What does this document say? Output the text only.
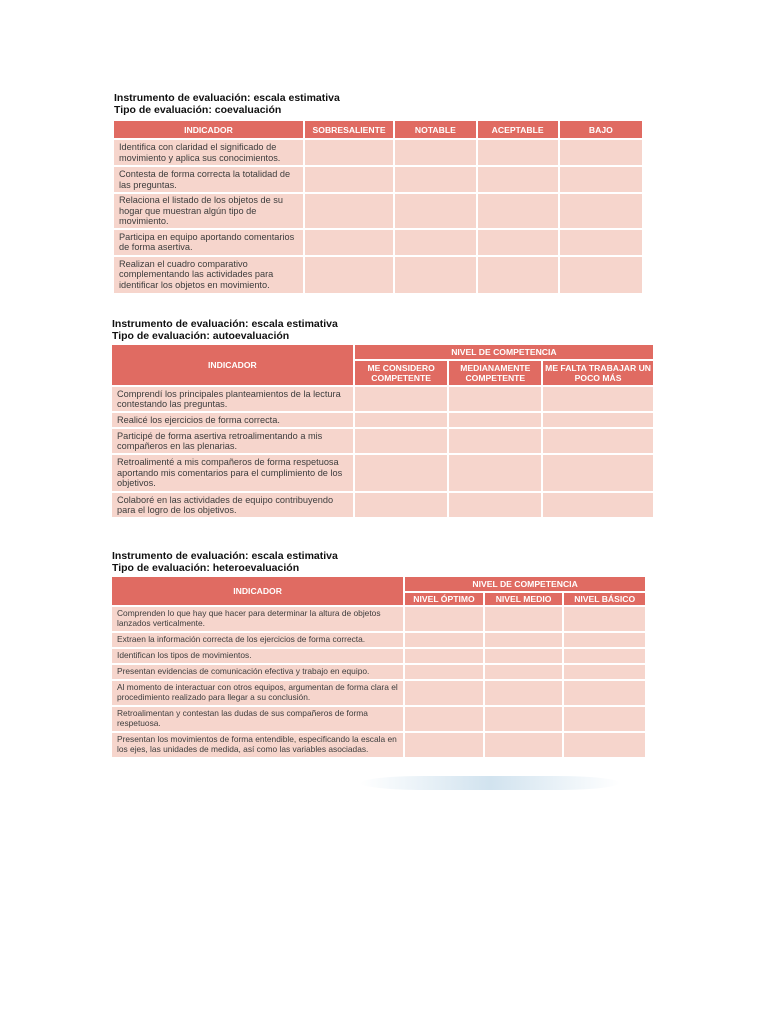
Instrumento de evaluación: escala estimativa
Tipo de evaluación: coevaluación
INDICADOR	SOBRESALIENTE	NOTABLE	ACEPTABLE	BAJO
Identifica con claridad el significado de movimiento y aplica sus conocimientos.				
Contesta de forma correcta la totalidad de las preguntas.				
Relaciona el listado de los objetos de su hogar que muestran algún tipo de movimiento.				
Participa en equipo aportando comentarios de forma asertiva.				
Realizan el cuadro comparativo complementando las actividades para identificar los objetos en movimiento.				
Instrumento de evaluación: escala estimativa
Tipo de evaluación: autoevaluación
INDICADOR	NIVEL DE COMPETENCIA		
	ME CONSIDERO COMPETENTE	MEDIANAMENTE COMPETENTE	ME FALTA TRABAJAR UN POCO MÁS
Comprendí los principales planteamientos de la lectura contestando las preguntas.			
Realicé los ejercicios de forma correcta.			
Participé de forma asertiva retroalimentando a mis compañeros en las plenarias.			
Retroalimenté a mis compañeros de forma respetuosa aportando mis comentarios para el cumplimiento de los objetivos.			
Colaboré en las actividades de equipo contribuyendo para el logro de los objetivos.			
Instrumento de evaluación: escala estimativa
Tipo de evaluación: heteroevaluación
INDICADOR	NIVEL DE COMPETENCIA		
	NIVEL ÓPTIMO	NIVEL MEDIO	NIVEL BÁSICO
Comprenden lo que hay que hacer para determinar la altura de objetos lanzados verticalmente.			
Extraen la información correcta de los ejercicios de forma correcta.			
Identifican los tipos de movimientos.			
Presentan evidencias de comunicación efectiva y trabajo en equipo.			
Al momento de interactuar con otros equipos, argumentan de forma clara el procedimiento realizado para llegar a su conclusión.			
Retroalimentan y contestan las dudas de sus compañeros de forma respetuosa.			
Presentan los movimientos de forma entendible, especificando la escala en los ejes, las unidades de medida, así como las variables asociadas.			
